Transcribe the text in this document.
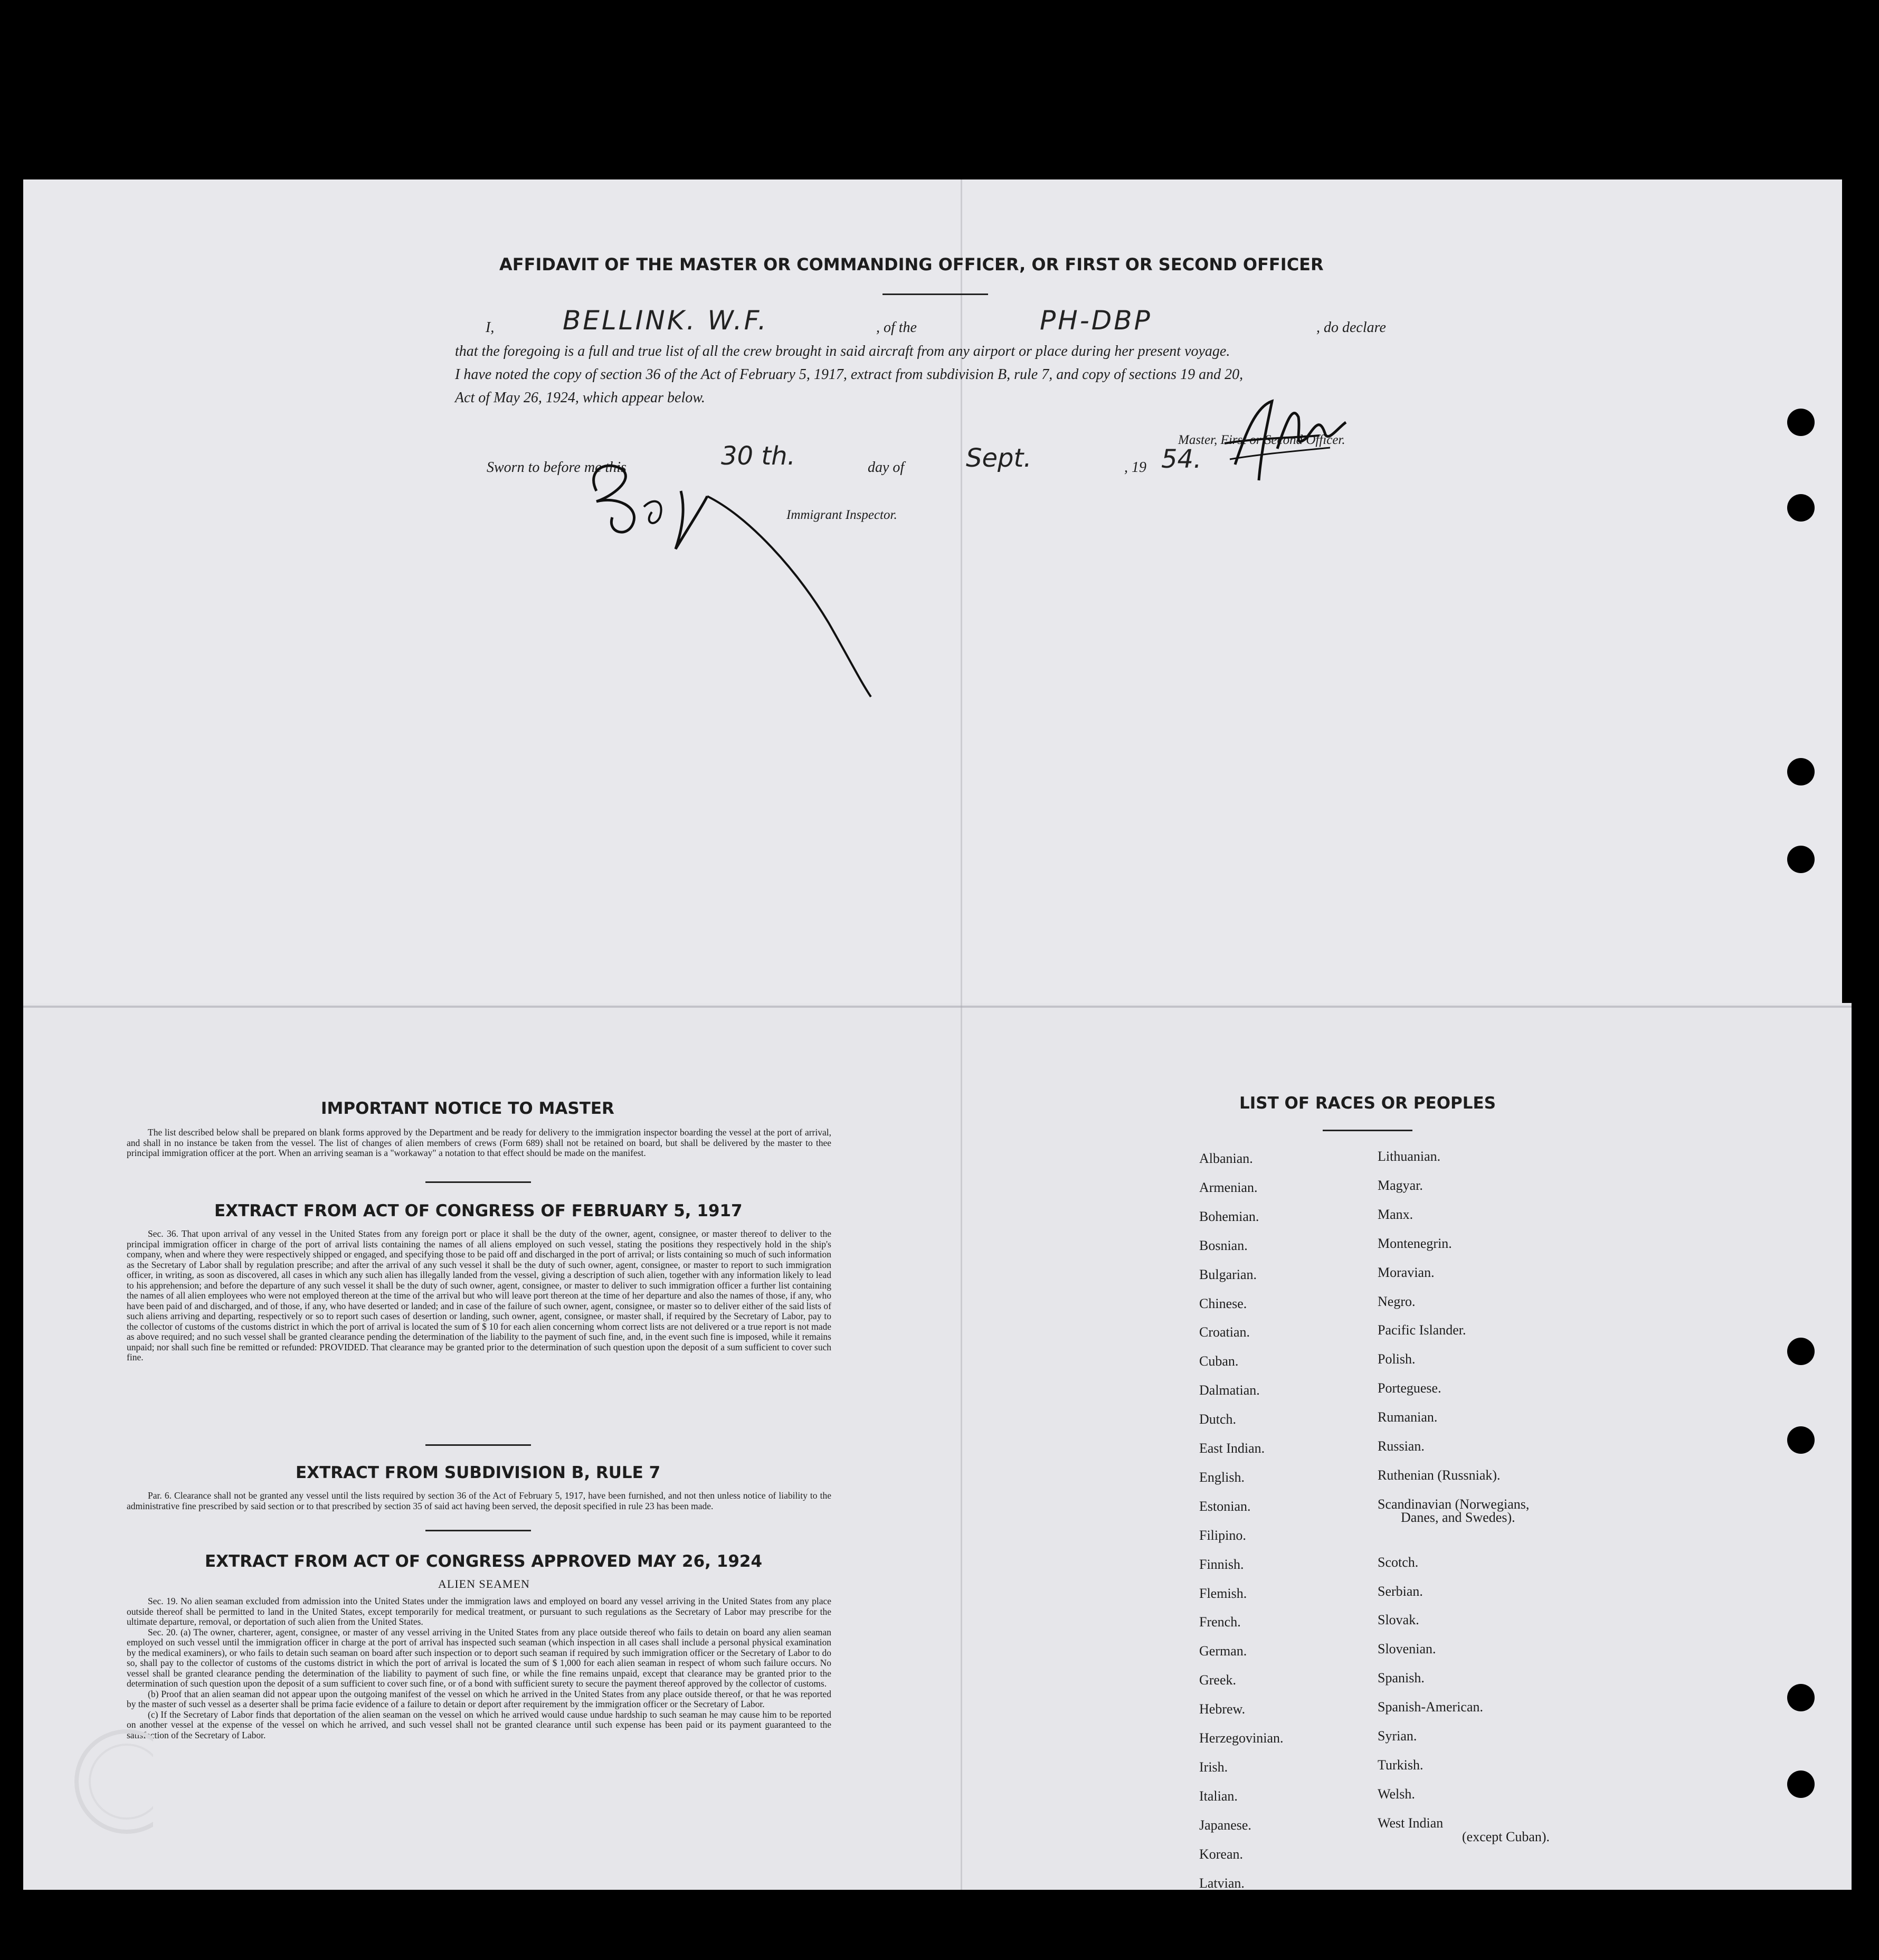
AFFIDAVIT OF THE MASTER OR COMMANDING OFFICER, OR FIRST OR SECOND OFFICER
I,	BELLINK. W.F.	, of the	PH-DBP	, do declare
that the foregoing is a full and true list of all the crew brought in said aircraft from any airport or place during her present voyage.
I have noted the copy of section 36 of the Act of February 5, 1917, extract from subdivision B, rule 7, and copy of sections 19 and 20,
Act of May 26, 1924, which appear below.
Master, First or Second Officer.
Sworn to before me this	30 th.	day of Sept.	, 19 54.
Immigrant Inspector.
IMPORTANT NOTICE TO MASTER

The list described below shall be prepared on blank forms approved by the Department and be ready for delivery to the immigration inspector boarding the vessel at the port of arrival, and shall in no instance be taken from the vessel. The list of changes of alien members of crews (Form 689) shall not be retained on board, but shall be delivered by the master to thee principal immigration officer at the port. When an arriving seaman is a "workaway" a notation to that effect should be made on the manifest.

EXTRACT FROM ACT OF CONGRESS OF FEBRUARY 5, 1917

Sec. 36. That upon arrival of any vessel in the United States from any foreign port or place it shall be the duty of the owner, agent, consignee, or master thereof to deliver to the principal immigration officer in charge of the port of arrival lists containing the names of all aliens employed on such vessel, stating the positions they respectively hold in the ship's company, when and where they were respectively shipped or engaged, and specifying those to be paid off and discharged in the port of arrival; or lists containing so much of such information as the Secretary of Labor shall by regulation prescribe; and after the arrival of any such vessel it shall be the duty of such owner, agent, consignee, or master to report to such immigration officer, in writing, as soon as discovered, all cases in which any such alien has illegally landed from the vessel, giving a description of such alien, together with any information likely to lead to his apprehension; and before the departure of any such vessel it shall be the duty of such owner, agent, consignee, or master to deliver to such immigration officer a further list containing the names of all alien employees who were not employed thereon at the time of the arrival but who will leave port thereon at the time of her departure and also the names of those, if any, who have been paid of and discharged, and of those, if any, who have deserted or landed; and in case of the failure of such owner, agent, consignee, or master so to deliver either of the said lists of such aliens arriving and departing, respectively or so to report such cases of desertion or landing, such owner, agent, consignee, or master shall, if required by the Secretary of Labor, pay to the collector of customs of the customs district in which the port of arrival is located the sum of $ 10 for each alien concerning whom correct lists are not delivered or a true report is not made as above required; and no such vessel shall be granted clearance pending the determination of the liability to the payment of such fine, and, in the event such fine is imposed, while it remains unpaid; nor shall such fine be remitted or refunded: PROVIDED. That clearance may be granted prior to the determination of such question upon the deposit of a sum sufficient to cover such fine.

EXTRACT FROM SUBDIVISION B, RULE 7

Par. 6. Clearance shall not be granted any vessel until the lists required by section 36 of the Act of February 5, 1917, have been furnished, and not then unless notice of liability to the administrative fine prescribed by said section or to that prescribed by section 35 of said act having been served, the deposit specified in rule 23 has been made.

EXTRACT FROM ACT OF CONGRESS APPROVED MAY 26, 1924
ALIEN SEAMEN

Sec. 19. No alien seaman excluded from admission into the United States under the immigration laws and employed on board any vessel arriving in the United States from any place outside thereof shall be permitted to land in the United States, except temporarily for medical treatment, or pursuant to such regulations as the Secretary of Labor may prescribe for the ultimate departure, removal, or deportation of such alien from the United States.

Sec. 20. (a) The owner, charterer, agent, consignee, or master of any vessel arriving in the United States from any place outside thereof who fails to detain on board any alien seaman employed on such vessel until the immigration officer in charge at the port of arrival has inspected such seaman (which inspection in all cases shall include a personal physical examination by the medical examiners), or who fails to detain such seaman on board after such inspection or to deport such seaman if required by such immigration officer or the Secretary of Labor to do so, shall pay to the collector of customs of the customs district in which the port of arrival is located the sum of $ 1,000 for each alien seaman in respect of whom such failure occurs. No vessel shall be granted clearance pending the determination of the liability to payment of such fine, or while the fine remains unpaid, except that clearance may be granted prior to the determination of such question upon the deposit of a sum sufficient to cover such fine, or of a bond with sufficient surety to secure the payment thereof approved by the collector of customs.

(b) Proof that an alien seaman did not appear upon the outgoing manifest of the vessel on which he arrived in the United States from any place outside thereof, or that he was reported by the master of such vessel as a deserter shall be prima facie evidence of a failure to detain or deport after requirement by the immigration officer or the Secretary of Labor.

(c) If the Secretary of Labor finds that deportation of the alien seaman on the vessel on which he arrived would cause undue hardship to such seaman he may cause him to be reported on another vessel at the expense of the vessel on which he arrived, and such vessel shall not be granted clearance until such expense has been paid or its payment guaranteed to the satisfaction of the Secretary of Labor.

LIST OF RACES OR PEOPLES
Albanian.
Armenian.
Bohemian.
Bosnian.
Bulgarian.
Chinese.
Croatian.
Cuban.
Dalmatian.
Dutch.
East Indian.
English.
Estonian.
Filipino.
Finnish.
Flemish.
French.
German.
Greek.
Hebrew.
Herzegovinian.
Irish.
Italian.
Japanese.
Korean.
Latvian.
Lithuanian.
Magyar.
Manx.
Montenegrin.
Moravian.
Negro.
Pacific Islander.
Polish.
Porteguese.
Rumanian.
Russian.
Ruthenian (Russniak).
Scandinavian (Norwegians,
Danes, and Swedes).
Scotch.
Serbian.
Slovak.
Slovenian.
Spanish.
Spanish-American.
Syrian.
Turkish.
Welsh.
West Indian
(except Cuban).
